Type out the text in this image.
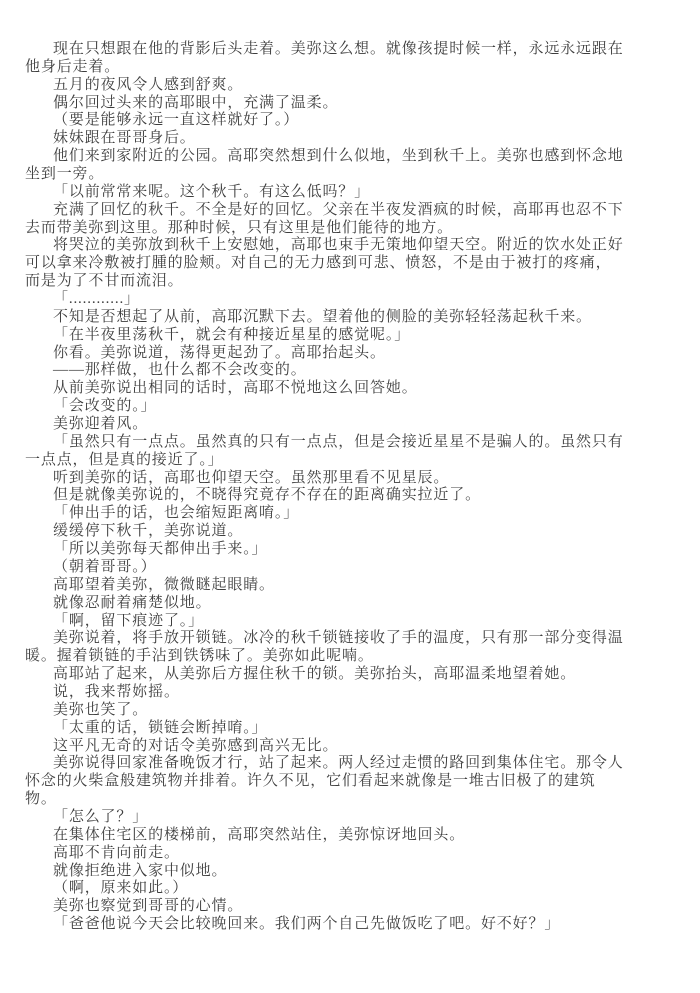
现在只想跟在他的背影后头走着。美弥这么想。就像孩提时候一样，永远永远跟在
他身后走着。
五月的夜风令人感到舒爽。
偶尔回过头来的高耶眼中，充满了温柔。
（要是能够永远一直这样就好了。）
妹妹跟在哥哥身后。
他们来到家附近的公园。高耶突然想到什么似地，坐到秋千上。美弥也感到怀念地
坐到一旁。
「以前常常来呢。这个秋千。有这么低吗？」
充满了回忆的秋千。不全是好的回忆。父亲在半夜发酒疯的时候，高耶再也忍不下
去而带美弥到这里。那种时候，只有这里是他们能待的地方。
将哭泣的美弥放到秋千上安慰她，高耶也束手无策地仰望天空。附近的饮水处正好
可以拿来冷敷被打腫的脸颊。对自己的无力感到可悲、愤怒，不是由于被打的疼痛，
而是为了不甘而流泪。
「............」
不知是否想起了从前，高耶沉默下去。望着他的侧脸的美弥轻轻荡起秋千来。
「在半夜里荡秋千，就会有种接近星星的感觉呢。」
你看。美弥说道，荡得更起劲了。高耶抬起头。
——那样做，也什么都不会改变的。
从前美弥说出相同的话时，高耶不悦地这么回答她。
「会改变的。」
美弥迎着风。
「虽然只有一点点。虽然真的只有一点点，但是会接近星星不是骗人的。虽然只有
一点点，但是真的接近了。」
听到美弥的话，高耶也仰望天空。虽然那里看不见星辰。
但是就像美弥说的，不晓得究竟存不存在的距离确实拉近了。
「伸出手的话，也会缩短距离唷。」
缓缓停下秋千，美弥说道。
「所以美弥每天都伸出手来。」
（朝着哥哥。）
高耶望着美弥，微微瞇起眼睛。
就像忍耐着痛楚似地。
「啊，留下痕迹了。」
美弥说着，将手放开锁链。冰冷的秋千锁链接收了手的温度，只有那一部分变得温
暖。握着锁链的手沾到铁锈味了。美弥如此呢喃。
高耶站了起来，从美弥后方握住秋千的锁。美弥抬头，高耶温柔地望着她。
说，我来帮妳摇。
美弥也笑了。
「太重的话，锁链会断掉唷。」
这平凡无奇的对话令美弥感到高兴无比。
美弥说得回家准备晚饭才行，站了起来。两人经过走惯的路回到集体住宅。那令人
怀念的火柴盒般建筑物并排着。许久不见，它们看起来就像是一堆古旧极了的建筑
物。
「怎么了？」
在集体住宅区的楼梯前，高耶突然站住，美弥惊讶地回头。
高耶不肯向前走。
就像拒绝进入家中似地。
（啊，原来如此。）
美弥也察觉到哥哥的心情。
「爸爸他说今天会比较晚回来。我们两个自己先做饭吃了吧。好不好？」
